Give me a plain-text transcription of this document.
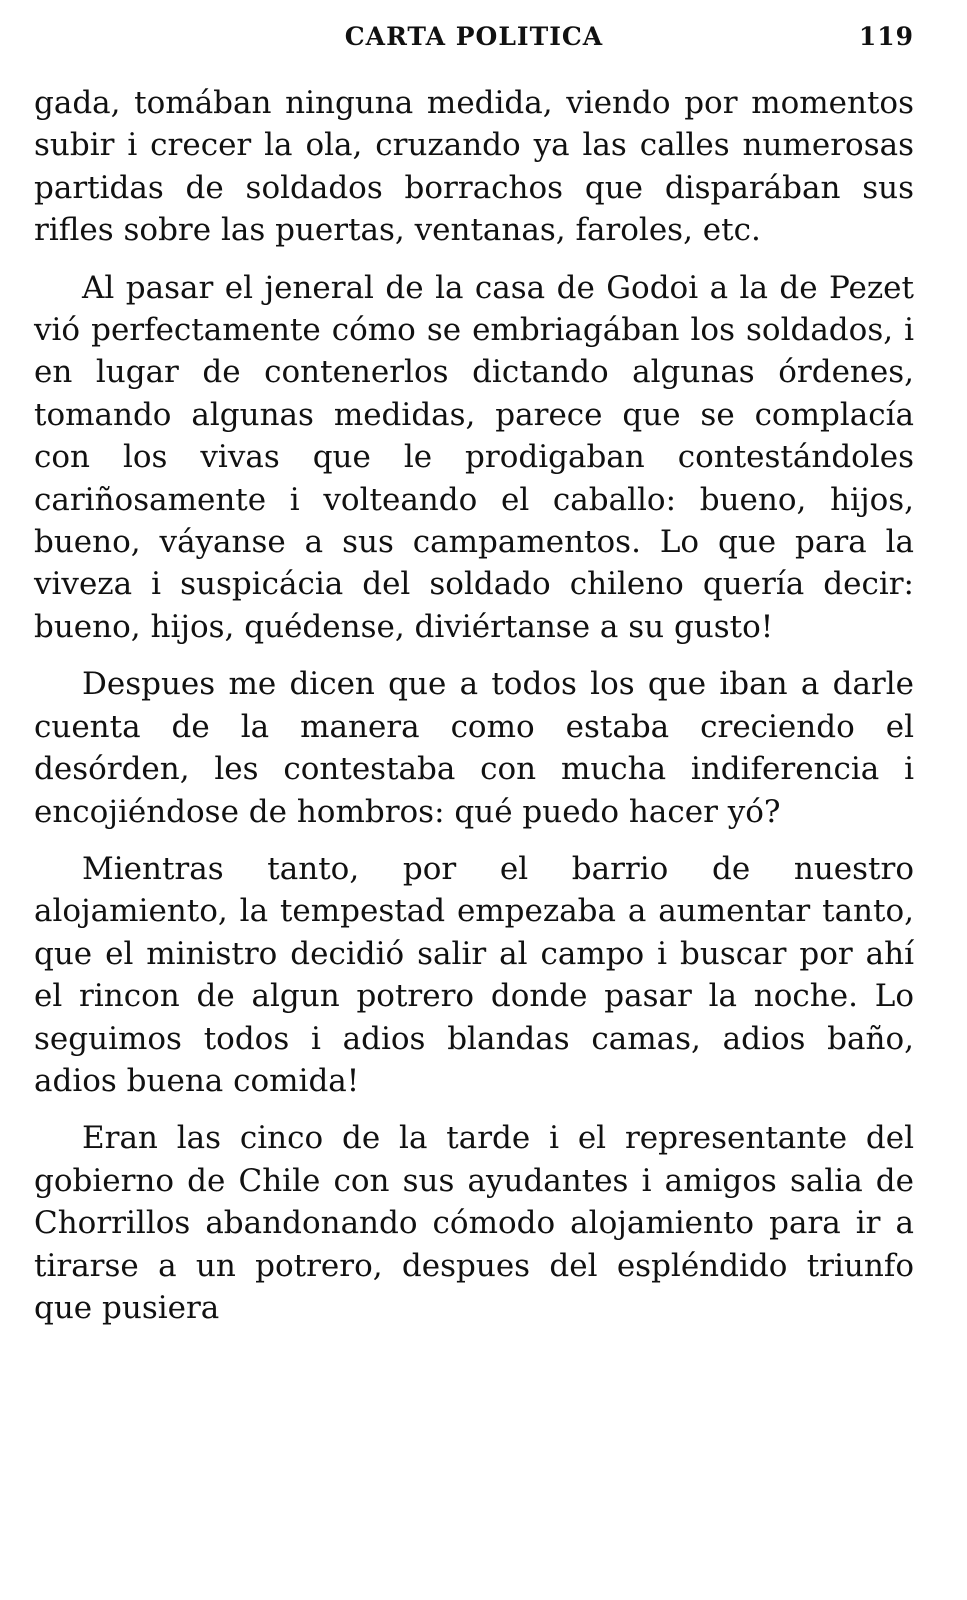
CARTA POLITICA	119

gada, tomában ninguna medida, viendo por momentos subir i crecer la ola, cruzando ya las calles numerosas partidas de soldados borrachos que disparában sus rifles sobre las puertas, ventanas, faroles, etc.

Al pasar el jeneral de la casa de Godoi a la de Pezet vió perfectamente cómo se embriagában los soldados, i en lugar de contenerlos dictando algunas órdenes, tomando algunas medidas, parece que se complacía con los vivas que le prodigaban contestándoles cariñosamente i volteando el caballo: bueno, hijos, bueno, váyanse a sus campamentos. Lo que para la viveza i suspicácia del soldado chileno quería decir: bueno, hijos, quédense, diviértanse a su gusto!

Despues me dicen que a todos los que iban a darle cuenta de la manera como estaba creciendo el desórden, les contestaba con mucha indiferencia i encojiéndose de hombros: qué puedo hacer yó?

Mientras tanto, por el barrio de nuestro alojamiento, la tempestad empezaba a aumentar tanto, que el ministro decidió salir al campo i buscar por ahí el rincon de algun potrero donde pasar la noche. Lo seguimos todos i adios blandas camas, adios baño, adios buena comida!

Eran las cinco de la tarde i el representante del gobierno de Chile con sus ayudantes i amigos salia de Chorrillos abandonando cómodo alojamiento para ir a tirarse a un potrero, despues del espléndido triunfo que pusiera
